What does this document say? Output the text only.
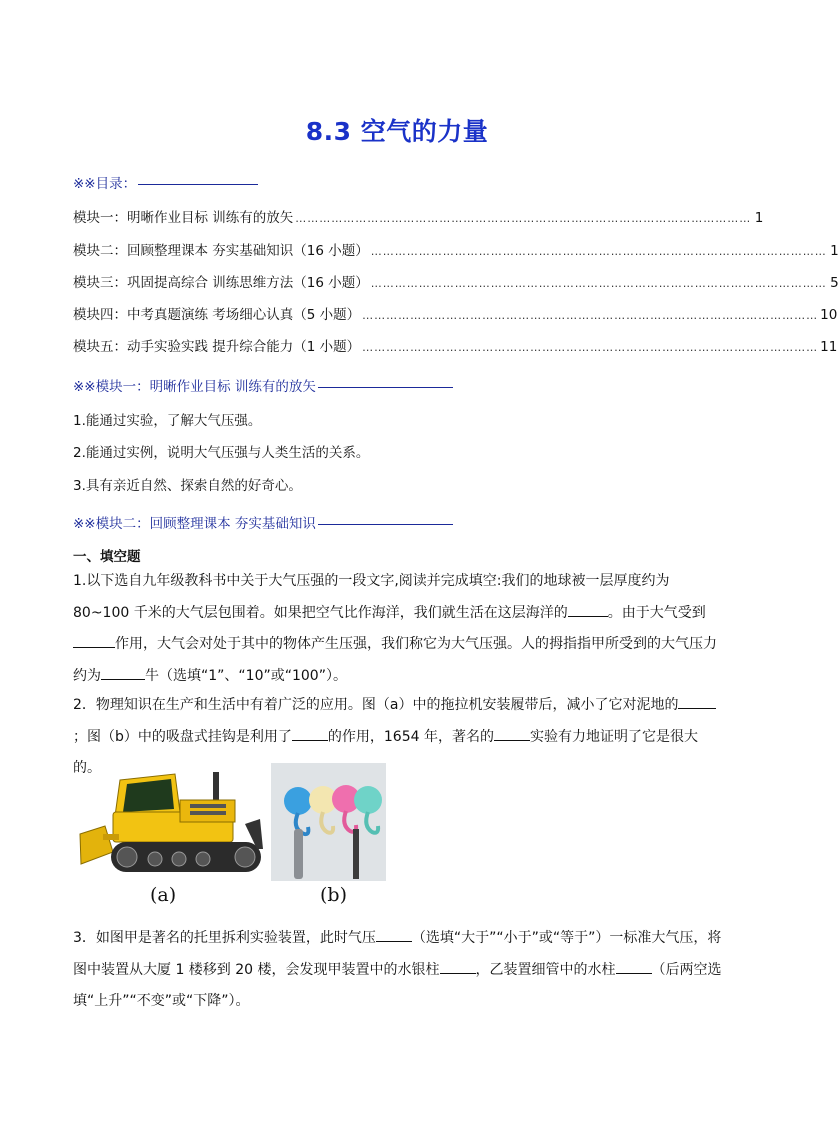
8.3 空气的力量
※※目录：
模块一：明晰作业目标 训练有的放矢 …………………………………………………………………………………………………… 1
模块二：回顾整理课本 夯实基础知识（16 小题） …………………………………………………………………………………………………… 1
模块三：巩固提高综合 训练思维方法（16 小题） …………………………………………………………………………………………………… 5
模块四：中考真题演练 考场细心认真（5 小题） …………………………………………………………………………………………………… 10
模块五：动手实验实践 提升综合能力（1 小题） …………………………………………………………………………………………………… 11
※※模块一：明晰作业目标 训练有的放矢
1.能通过实验，了解大气压强。
2.能通过实例，说明大气压强与人类生活的关系。
3.具有亲近自然、探索自然的好奇心。
※※模块二：回顾整理课本 夯实基础知识
一、填空题
1.以下选自九年级教科书中关于大气压强的一段文字,阅读并完成填空:我们的地球被一层厚度约为 80~100 千米的大气层包围着。如果把空气比作海洋，我们就生活在这层海洋的	。由于大气受到作用，大气会对处于其中的物体产生压强，我们称它为大气压强。人的拇指指甲所受到的大气压力约为	牛（选填“1”、“10”或“100”）。
2．物理知识在生产和生活中有着广泛的应用。图（a）中的拖拉机安装履带后，减小了它对泥地的；图（b）中的吸盘式挂钩是利用了	的作用，1654 年，著名的	实验有力地证明了它是很大的。
(a)	(b)
3．如图甲是著名的托里拆利实验装置，此时气压	（选填“大于”“小于”或“等于”）一标准大气压，将图中装置从大厦 1 楼移到 20 楼，会发现甲装置中的水银柱	，乙装置细管中的水柱	（后两空选填“上升”“不变”或“下降”）。
